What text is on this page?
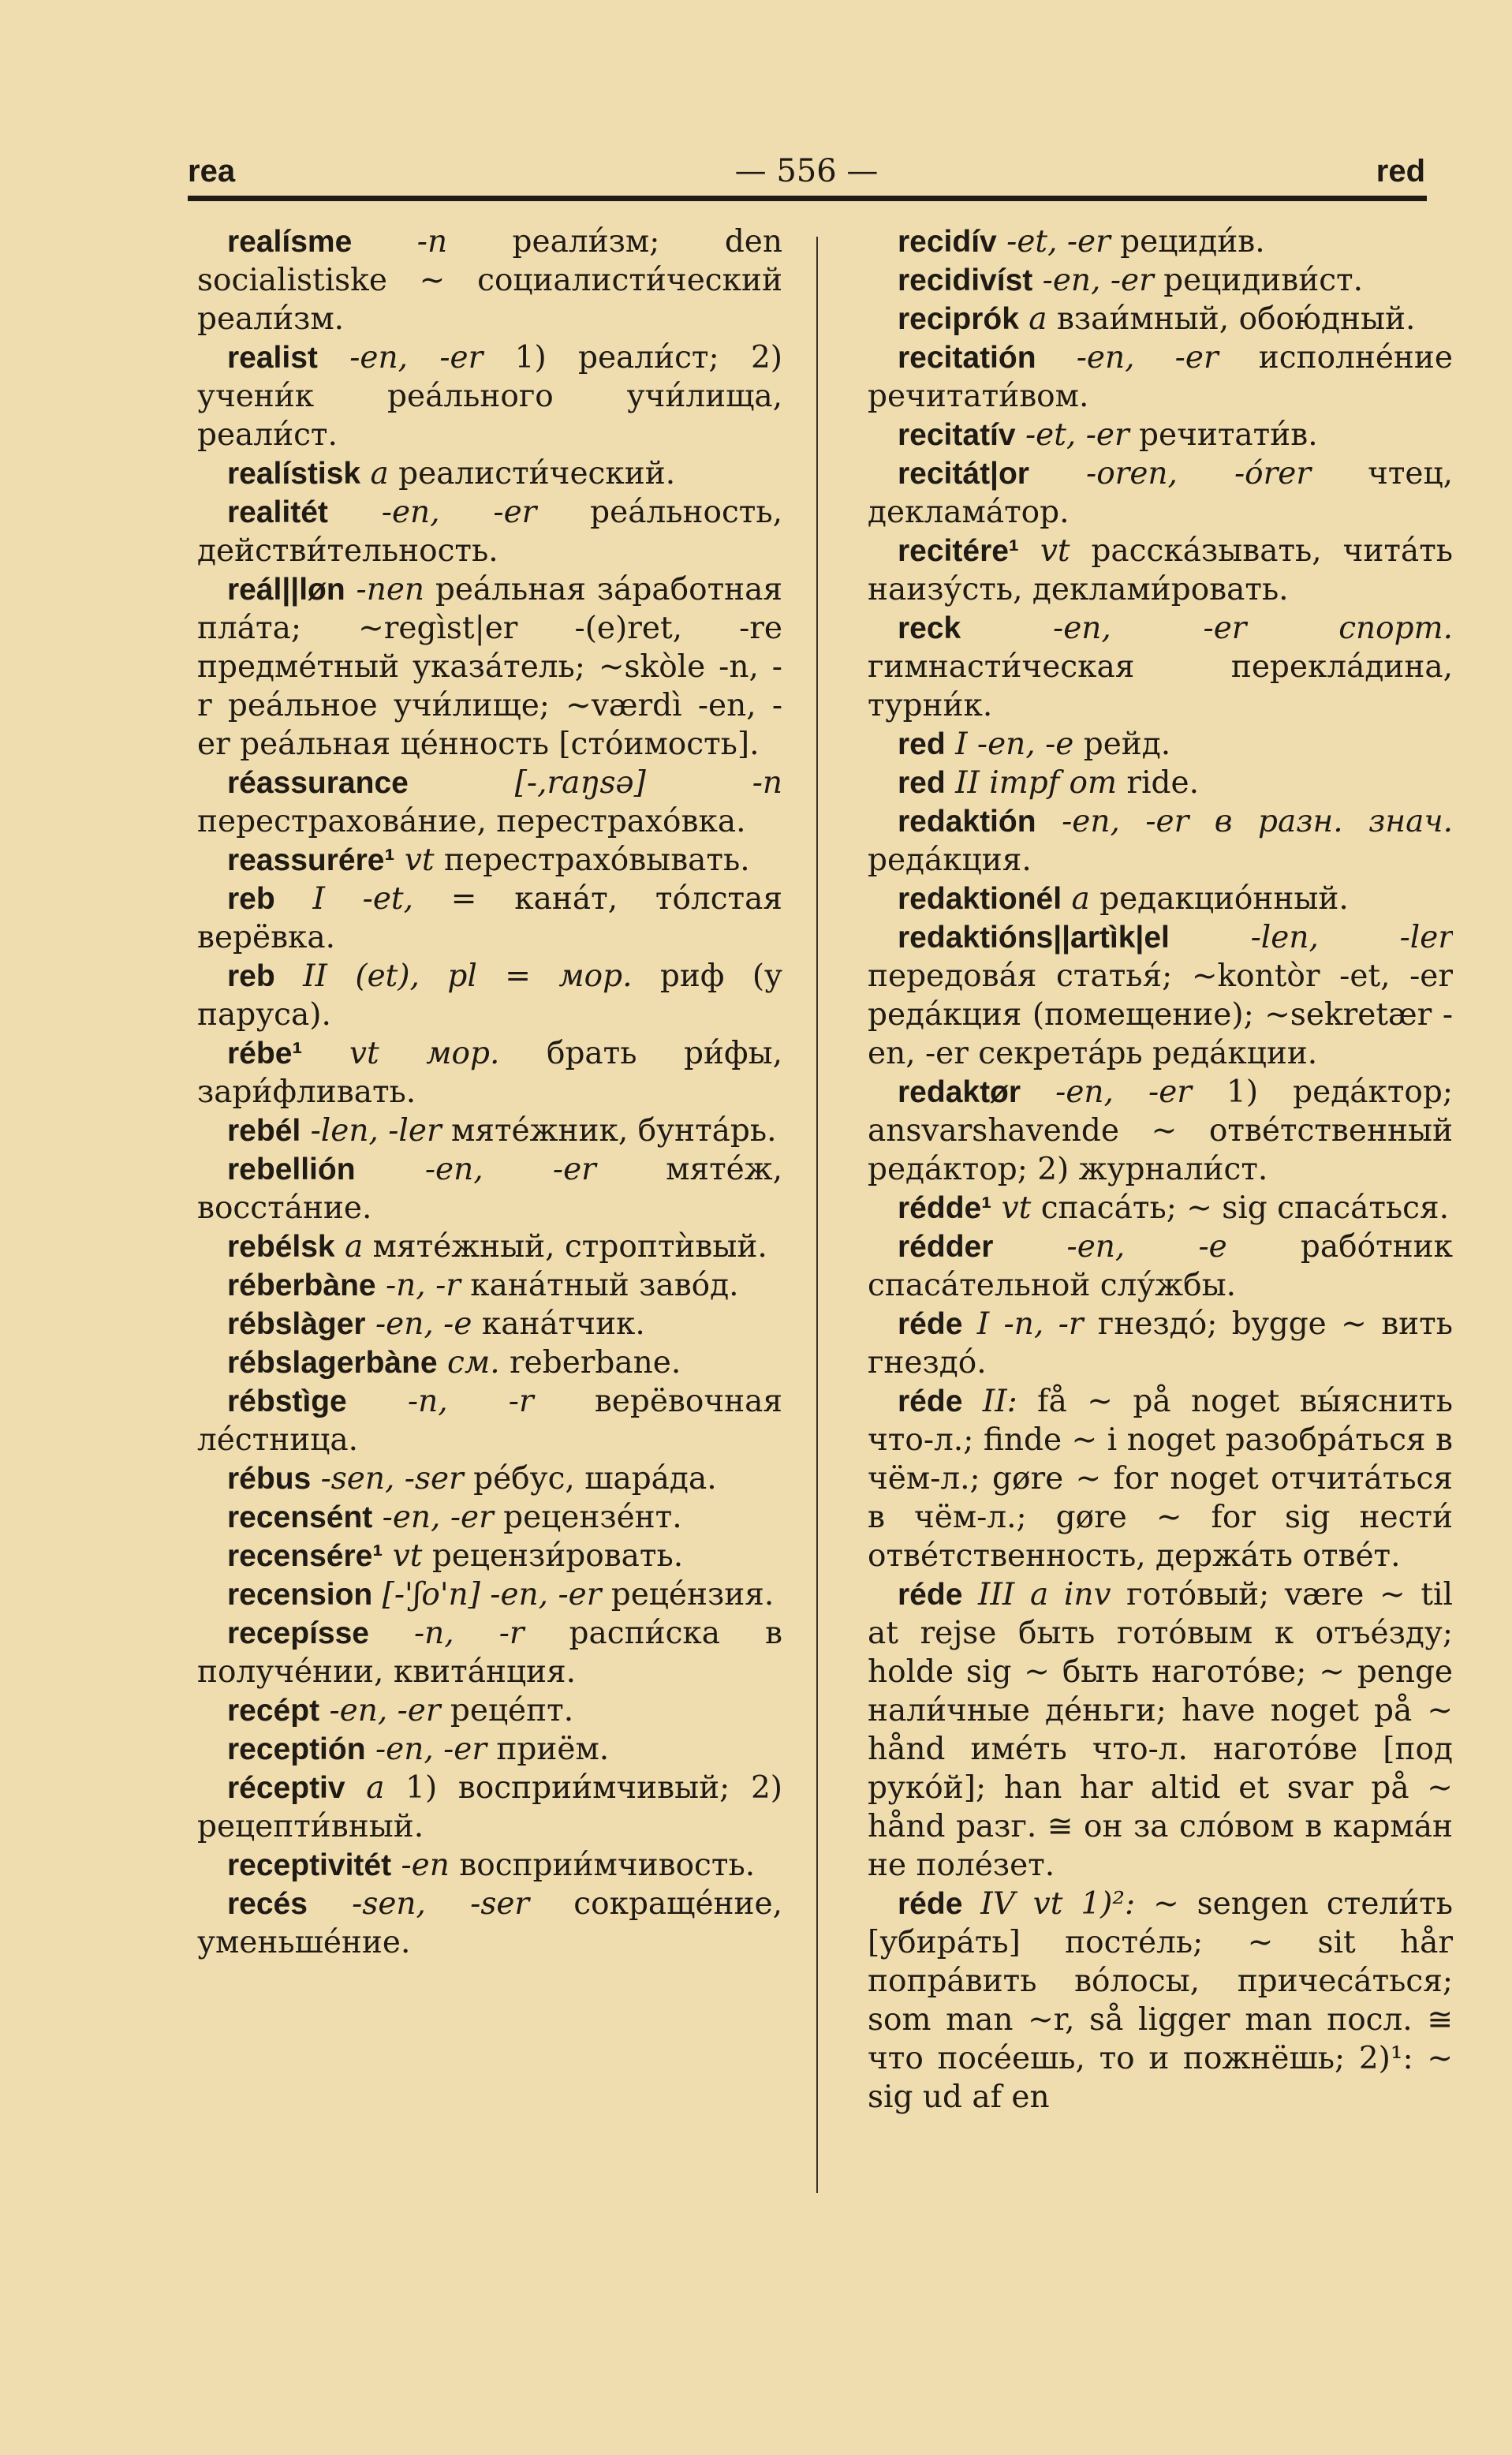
rea	— 556 —	red

realísme -n реали́зм; den socialistiske ~ социалисти́ческий реали́зм.

realist -en, -er 1) реали́ст; 2) учени́к реа́льного учи́лища, реали́ст.

realístisk a реалисти́ческий.

realitét -en, -er реа́льность, действи́тельность.

reál||løn -nen реа́льная за́работная пла́та; ~regìst|er -(e)ret, -re предме́тный указа́тель; ~skòle -n, -r реа́льное учи́лище; ~værdì -en, -er реа́льная це́нность [сто́имость].

réassurance [-,raŋsə] -n перестрахова́ние, перестрахо́вка.

reassurére¹ vt перестрахо́вывать.

reb I -et, = кана́т, то́лстая верёвка.

reb II (et), pl = мор. риф (у паруса).

rébe¹ vt мор. брать ри́фы, зари́фливать.

rebél -len, -ler мяте́жник, бунта́рь.

rebellión -en, -er мяте́ж, восста́ние.

rebélsk a мяте́жный, строптѝвый.

réberbàne -n, -r кана́тный заво́д.

rébslàger -en, -e кана́тчик.

rébslagerbàne см. reberbane.

rébstìge -n, -r верёвочная ле́стница.

rébus -sen, -ser ре́бус, шара́да.

recensént -en, -er рецензе́нт.

recensére¹ vt рецензи́ровать.

recension [-'ʃo'n] -en, -er реце́нзия.

recepísse -n, -r распи́ска в получе́нии, квита́нция.

recépt -en, -er реце́пт.

receptión -en, -er приём.

réceptiv a 1) восприи́мчивый; 2) рецепти́вный.

receptivitét -en восприи́мчивость.

recés -sen, -ser сокраще́ние, уменьше́ние.

recidív -et, -er рециди́в.

recidivíst -en, -er рецидиви́ст.

reciprók a взаи́мный, обою́дный.

recitatión -en, -er исполне́ние речитати́вом.

recitatív -et, -er речитати́в.

recitát|or -oren, -órer чтец, деклама́тор.

recitére¹ vt расска́зывать, чита́ть наизу́сть, деклами́ровать.

reck -en, -er спорт. гимнасти́ческая перекла́дина, турни́к.

red I -en, -e рейд.

red II impf om ride.

redaktión -en, -er в разн. знач. реда́кция.

redaktionél a редакцио́нный.

redaktións||artìk|el -len, -ler передова́я статья́; ~kontòr -et, -er реда́кция (помещение); ~sekretær -en, -er секрета́рь реда́кции.

redaktør -en, -er 1) реда́ктор; ansvarshavende ~ отве́тственный реда́ктор; 2) журнали́ст.

rédde¹ vt спаса́ть; ~ sig спаса́ться.

rédder -en, -e рабо́тник спаса́тельной слу́жбы.

réde I -n, -r гнездо́; bygge ~ вить гнездо́.

réde II: få ~ på noget вы́яснить что-л.; finde ~ i noget разобра́ться в чём-л.; gøre ~ for noget отчита́ться в чём-л.; gøre ~ for sig нести́ отве́тственность, держа́ть отве́т.

réde III a inv гото́вый; være ~ til at rejse быть гото́вым к отъе́зду; holde sig ~ быть нагото́ве; ~ penge нали́чные де́ньги; have noget på ~ hånd име́ть что-л. нагото́ве [под руко́й]; han har altid et svar på ~ hånd разг. ≅ он за сло́вом в карма́н не поле́зет.

réde IV vt 1)²: ~ sengen стели́ть [убира́ть] посте́ль; ~ sit hår попра́вить во́лосы, причеса́ться; som man ~r, så ligger man посл. ≅ что посе́ешь, то и пожнёшь; 2)¹: ~ sig ud af en
